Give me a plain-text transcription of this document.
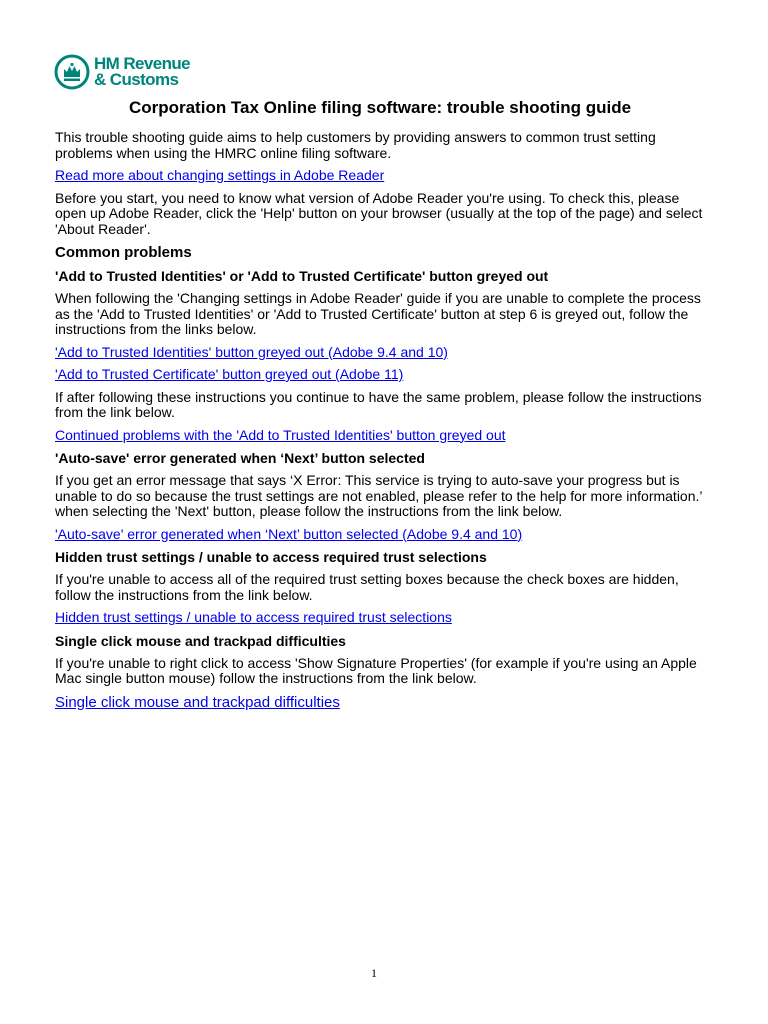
HM Revenue
& Customs
Corporation Tax Online filing software: trouble shooting guide

This trouble shooting guide aims to help customers by providing answers to common trust setting problems when using the HMRC online filing software.

Read more about changing settings in Adobe Reader

Before you start, you need to know what version of Adobe Reader you're using. To check this, please open up Adobe Reader, click the 'Help' button on your browser (usually at the top of the page) and select 'About Reader'.

Common problems
'Add to Trusted Identities' or 'Add to Trusted Certificate' button greyed out

When following the 'Changing settings in Adobe Reader' guide if you are unable to complete the process as the 'Add to Trusted Identities' or 'Add to Trusted Certificate' button at step 6 is greyed out, follow the instructions from the links below.

'Add to Trusted Identities' button greyed out (Adobe 9.4 and 10)
'Add to Trusted Certificate' button greyed out (Adobe 11)

If after following these instructions you continue to have the same problem, please follow the instructions from the link below.

Continued problems with the 'Add to Trusted Identities' button greyed out
'Auto-save' error generated when ‘Next’ button selected

If you get an error message that says ‘X Error: This service is trying to auto-save your progress but is unable to do so because the trust settings are not enabled, please refer to the help for more information.’ when selecting the 'Next' button, please follow the instructions from the link below.

'Auto-save' error generated when ‘Next’ button selected (Adobe 9.4 and 10)
Hidden trust settings / unable to access required trust selections

If you're unable to access all of the required trust setting boxes because the check boxes are hidden, follow the instructions from the link below.

Hidden trust settings / unable to access required trust selections
Single click mouse and trackpad difficulties

If you're unable to right click to access 'Show Signature Properties' (for example if you're using an Apple Mac single button mouse) follow the instructions from the link below.

Single click mouse and trackpad difficulties
1
